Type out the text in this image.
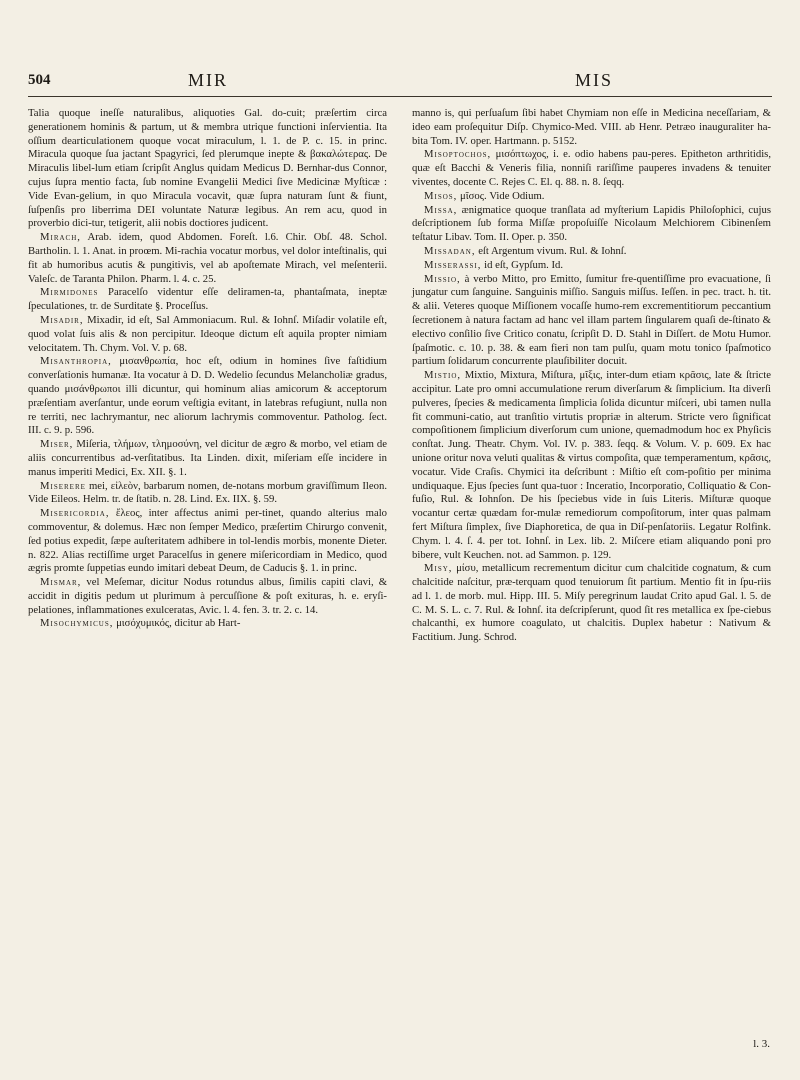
504	MIR	MIS

Talia quoque ineſſe naturalibus, aliquoties Gal. do-cuit; præſertim circa generationem hominis & partum, ut & membra utrique functioni inſervientia. Ita oſſium dearticulationem quoque vocat miraculum, l. 1. de P. c. 15. in princ. Miracula quoque ſua jactant Spagyrici, ſed plerumque inepte & βακαλώτερας. De Miraculis libel-lum etiam ſcripſit Anglus quidam Medicus D. Bernhar-dus Connor, cujus ſupra mentio facta, ſub nomine Evangelii Medici ſive Medicinæ Myſticæ : Vide Evan-gelium, in quo Miracula vocavit, quæ ſupra naturam ſunt & fiunt, ſuſpenſis pro liberrima DEI voluntate Naturæ legibus. An rem acu, quod in proverbio dici-tur, tetigerit, alii nobis doctiores judicent.

Mirach, Arab. idem, quod Abdomen. Foreſt. l.6. Chir. Obſ. 48. Schol. Bartholin. l. 1. Anat. in proœm. Mi-rachia vocatur morbus, vel dolor inteſtinalis, qui fit ab humoribus acutis & pungitivis, vel ab apoſtemate Mirach, vel meſenterii. Valeſc. de Taranta Philon. Pharm. l. 4. c. 25.

Mirmidones Paracelſo videntur eſſe deliramen-ta, phantaſmata, ineptæ ſpeculationes, tr. de Surditate §. Proceſſus.

Misadir, Mixadir, id eſt, Sal Ammoniacum. Rul. & Iohnſ. Miſadir volatile eſt, quod volat ſuis alis & non percipitur. Ideoque dictum eſt aquila propter nimiam velocitatem. Th. Chym. Vol. V. p. 68.

Misanthropia, μισανθρωπία, hoc eſt, odium in homines ſive faſtidium converſationis humanæ. Ita vocatur à D. D. Wedelio ſecundus Melancholiæ gradus, quando μισάνθρωποι illi dicuntur, qui hominum alias amicorum & acceptorum præſentiam averſantur, unde eorum veſtigia evitant, in latebras refugiunt, nulla non re territi, nec lachrymantur, nec aliorum lachrymis commoventur. Patholog. ſect. III. c. 9. p. 596.

Miser, Miſeria, τλήμων, τλημοσύνη, vel dicitur de ægro & morbo, vel etiam de aliis concurrentibus ad-verſitatibus. Ita Linden. dixit, miſeriam eſſe incidere in manus imperiti Medici, Ex. XII. §. 1.

Miserere mei, εἰλεὸν, barbarum nomen, de-notans morbum graviſſimum Ileon. Vide Eileos. Helm. tr. de ſtatib. n. 28. Lind. Ex. IIX. §. 59.

Misericordia, ἔλεος, inter affectus animi per-tinet, quando alterius malo commoventur, & dolemus. Hæc non ſemper Medico, præſertim Chirurgo convenit, ſed potius expedit, ſæpe auſteritatem adhibere in tol-lendis morbis, monente Dieter. n. 822. Alias rectiſſime urget Paracelſus in genere miſericordiam in Medico, quod ægris promte ſuppetias eundo imitari debeat Deum, de Caducis §. 1. in princ.

Mismar, vel Meſemar, dicitur Nodus rotundus albus, ſimilis capiti clavi, & accidit in digitis pedum ut plurimum à percuſſione & poſt exituras, h. e. eryſi-pelationes, inflammationes exulceratas, Avic. l. 4. fen. 3. tr. 2. c. 14.

Misochymicus, μισόχυμικός, dicitur ab Hart-

manno is, qui perſuaſum ſibi habet Chymiam non eſſe in Medicina neceſſariam, & ideo eam proſequitur Diſp. Chymico-Med. VIII. ab Henr. Petræo inauguraliter ha-bita Tom. IV. oper. Hartmann. p. 5152.

Misoptochos, μισόπτωχος, i. e. odio habens pau-peres. Epitheton arthritidis, quæ eſt Bacchi & Veneris filia, nonniſi rariſſime pauperes invadens & tenuiter viventes, docente C. Rejes C. El. q. 88. n. 8. ſeqq.

Misos, μῖσος. Vide Odium.

Missa, ænigmatice quoque tranſlata ad myſterium Lapidis Philoſophici, cujus deſcriptionem ſub forma Miſſæ propoſuiſſe Nicolaum Melchiorem Cibinenſem teſtatur Libav. Tom. II. Oper. p. 350.

Missadan, eſt Argentum vivum. Rul. & Iohnſ.

Misserassi, id eſt, Gypſum. Id.

Missio, à verbo Mitto, pro Emitto, ſumitur fre-quentiſſime pro evacuatione, ſi jungatur cum ſanguine. Sanguinis miſſio. Sanguis miſſus. Ieſſen. in pec. tract. h. tit. & alii. Veteres quoque Miſſionem vocaſſe humo-rem excrementitiorum peccantium ſecretionem à natura factam ad hanc vel illam partem ſingularem quaſi de-ſtinato & electivo conſilio ſive Critico conatu, ſcripſit D. D. Stahl in Diſſert. de Motu Humor. ſpaſmotic. c. 10. p. 38. & eam fieri non tam pulſu, quam motu tonico ſpaſmotico partium ſolidarum concurrente plauſibiliter docuit.

Mistio, Mixtio, Mixtura, Miſtura, μῖξις, inter-dum etiam κρᾶσις, late & ſtricte accipitur. Late pro omni accumulatione rerum diverſarum & ſimplicium. Ita diverſi pulveres, ſpecies & medicamenta ſimplicia ſolida dicuntur miſceri, ubi tamen nulla fit communi-catio, aut tranſitio virtutis propriæ in alterum. Stricte vero ſignificat compoſitionem ſimplicium diverſorum cum unione, quemadmodum hoc ex Phyſicis conſtat. Jung. Theatr. Chym. Vol. IV. p. 383. ſeqq. & Volum. V. p. 609. Ex hac unione oritur nova veluti qualitas & virtus compoſita, quæ temperamentum, κρᾶσις, vocatur. Vide Craſis. Chymici ita deſcribunt : Miſtio eſt com-poſitio per minima undiquaque. Ejus ſpecies ſunt qua-tuor : Inceratio, Incorporatio, Colliquatio & Con-fuſio, Rul. & Iohnſon. De his ſpeciebus vide in ſuis Literis. Miſturæ quoque vocantur certæ quædam for-mulæ remediorum compoſitorum, inter quas palmam fert Miſtura ſimplex, ſive Diaphoretica, de qua in Diſ-penſatoriis. Legatur Rolfink. Chym. l. 4. ſ. 4. per tot. Iohnſ. in Lex. lib. 2. Miſcere etiam aliquando poni pro bibere, vult Keuchen. not. ad Sammon. p. 129.

Misy, μίσυ, metallicum recrementum dicitur cum chalcitide cognatum, & cum chalcitide naſcitur, præ-terquam quod tenuiorum ſit partium. Mentio fit in ſpu-riis ad l. 1. de morb. mul. Hipp. III. 5. Miſy peregrinum laudat Crito apud Gal. l. 5. de C. M. S. L. c. 7. Rul. & Iohnſ. ita deſcripſerunt, quod ſit res metallica ex ſpe-ciebus chalcanthi, ex humore coagulato, ut chalcitis. Duplex habetur : Nativum & Factitium. Jung. Schrod.

l. 3.
